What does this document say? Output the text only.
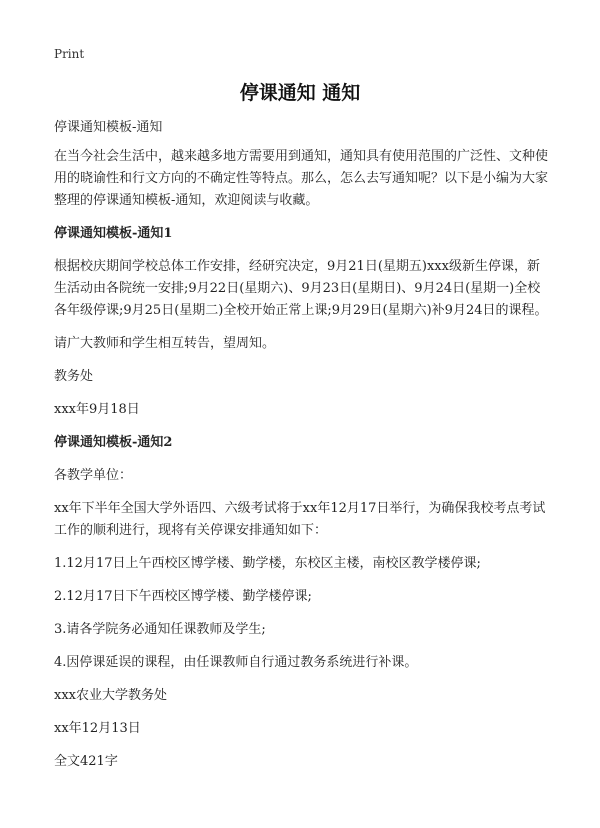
Print
停课通知 通知

停课通知模板-通知

在当今社会生活中，越来越多地方需要用到通知，通知具有使用范围的广泛性、文种使用的晓谕性和行文方向的不确定性等特点。那么，怎么去写通知呢？以下是小编为大家整理的停课通知模板-通知，欢迎阅读与收藏。

停课通知模板-通知1

根据校庆期间学校总体工作安排，经研究决定，9月21日(星期五)xxx级新生停课，新生活动由各院统一安排;9月22日(星期六)、9月23日(星期日)、9月24日(星期一)全校各年级停课;9月25日(星期二)全校开始正常上课;9月29日(星期六)补9月24日的课程。

请广大教师和学生相互转告，望周知。

教务处

xxx年9月18日

停课通知模板-通知2

各教学单位：

xx年下半年全国大学外语四、六级考试将于xx年12月17日举行，为确保我校考点考试工作的顺利进行，现将有关停课安排通知如下：

1.12月17日上午西校区博学楼、勤学楼，东校区主楼，南校区教学楼停课;

2.12月17日下午西校区博学楼、勤学楼停课;

3.请各学院务必通知任课教师及学生;

4.因停课延误的课程，由任课教师自行通过教务系统进行补课。

xxx农业大学教务处

xx年12月13日

全文421字
